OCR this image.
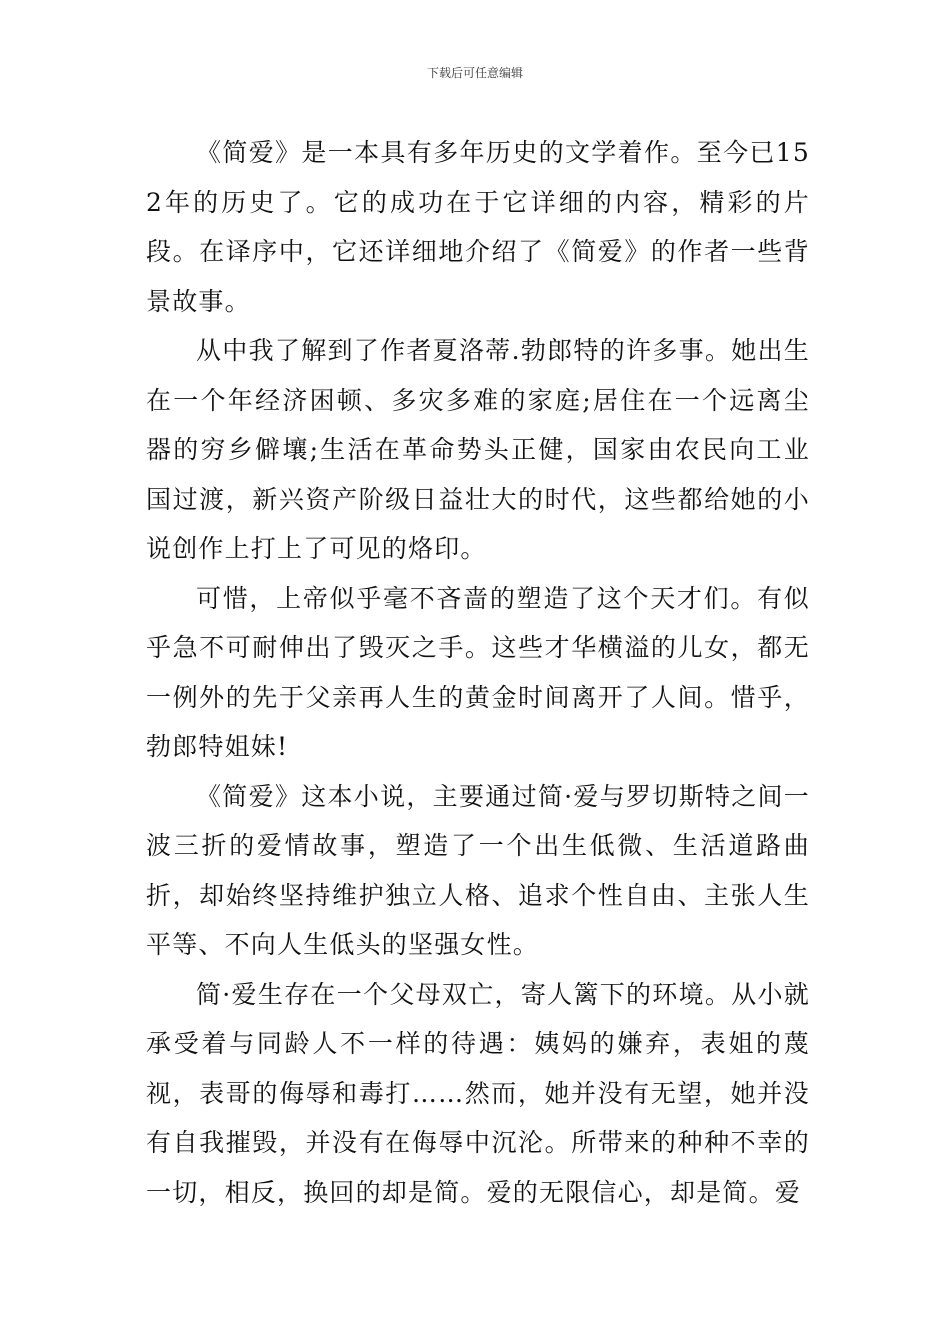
下载后可任意编辑

《简爱》是一本具有多年历史的文学着作。至今已152年的历史了。它的成功在于它详细的内容，精彩的片段。在译序中，它还详细地介绍了《简爱》的作者一些背景故事。

从中我了解到了作者夏洛蒂.勃郎特的许多事。她出生在一个年经济困顿、多灾多难的家庭;居住在一个远离尘器的穷乡僻壤;生活在革命势头正健，国家由农民向工业国过渡，新兴资产阶级日益壮大的时代，这些都给她的小说创作上打上了可见的烙印。

可惜，上帝似乎毫不吝啬的塑造了这个天才们。有似乎急不可耐伸出了毁灭之手。这些才华横溢的儿女，都无一例外的先于父亲再人生的黄金时间离开了人间。惜乎，勃郎特姐妹!

《简爱》这本小说，主要通过简·爱与罗切斯特之间一波三折的爱情故事，塑造了一个出生低微、生活道路曲折，却始终坚持维护独立人格、追求个性自由、主张人生平等、不向人生低头的坚强女性。

简·爱生存在一个父母双亡，寄人篱下的环境。从小就承受着与同龄人不一样的待遇：姨妈的嫌弃，表姐的蔑视，表哥的侮辱和毒打……然而，她并没有无望，她并没有自我摧毁，并没有在侮辱中沉沦。所带来的种种不幸的一切，相反，换回的却是简。爱的无限信心，却是简。爱
